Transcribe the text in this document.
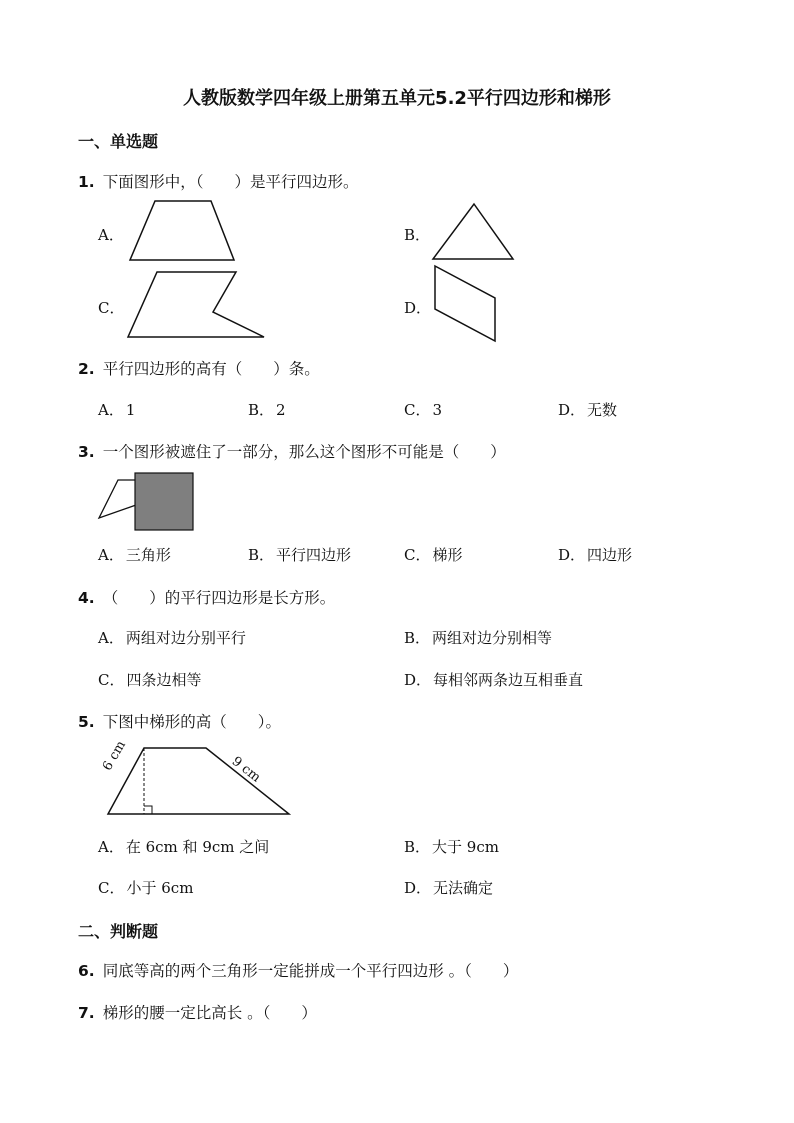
人教版数学四年级上册第五单元5.2平行四边形和梯形
一、单选题
1. 下面图形中，（　　）是平行四边形。
A．	B．
C．	D．
2. 平行四边形的高有（　　）条。
A． 1	B． 2	C． 3	D． 无数
3. 一个图形被遮住了一部分，那么这个图形不可能是（　　）
A． 三角形	B． 平行四边形	C． 梯形	D． 四边形
4. （　　）的平行四边形是长方形。
A． 两组对边分别平行	B． 两组对边分别相等
C． 四条边相等	D． 每相邻两条边互相垂直
5. 下图中梯形的高（　　）。
6 cm	9 cm
A． 在 6cm 和 9cm 之间	B． 大于 9cm
C． 小于 6cm	D． 无法确定
二、判断题
6. 同底等高的两个三角形一定能拼成一个平行四边形 。（　　）
7. 梯形的腰一定比高长 。（　　）
